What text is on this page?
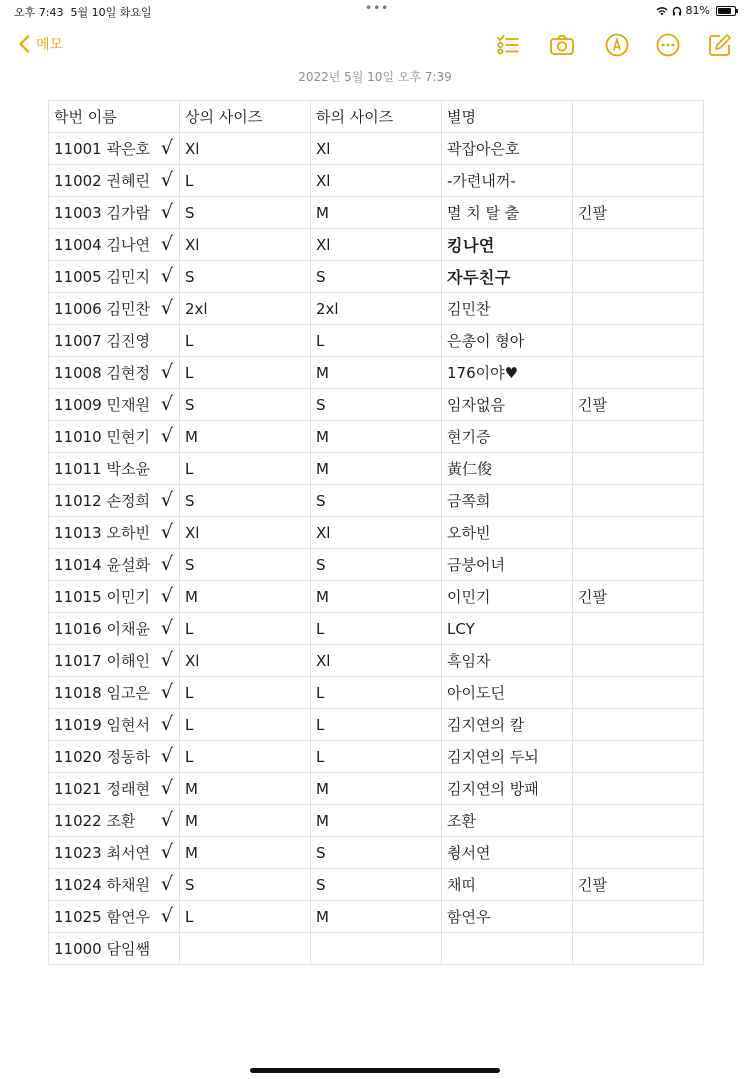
오후 7:43 5월 10일 화요일	•••	81%
메모
2022년 5월 10일 오후 7:39
학번 이름	상의 사이즈	하의 사이즈	별명	
11001 곽은호 √	Xl	Xl	곽잡아은호	
11002 권혜린 √	L	Xl	-가련내꺼-	
11003 김가람 √	S	M	멸 치 탈 출	긴팔
11004 김나연 √	Xl	Xl	킹나연	
11005 김민지 √	S	S	자두친구	
11006 김민찬 √	2xl	2xl	김민찬	
11007 김진영	L	L	은총이 형아	
11008 김현정 √	L	M	176이야♥	
11009 민재원 √	S	S	임자없음	긴팔
11010 민현기 √	M	M	현기증	
11011 박소윤	L	M	黃仁俊	
11012 손정희 √	S	S	금쪽희	
11013 오하빈 √	Xl	Xl	오하빈	
11014 윤설화 √	S	S	금붕어녀	
11015 이민기 √	M	M	이민기	긴팔
11016 이채윤 √	L	L	LCY	
11017 이해인 √	Xl	Xl	흑임자	
11018 임고은 √	L	L	아이도딘	
11019 임현서 √	L	L	김지연의 칼	
11020 정동하 √	L	L	김지연의 두뇌	
11021 정래현 √	M	M	김지연의 방패	
11022 조환 √	M	M	조환	
11023 최서연 √	M	S	췽서연	
11024 하채원 √	S	S	채띠	긴팔
11025 함연우 √	L	M	함연우	
11000 담임쌤				
